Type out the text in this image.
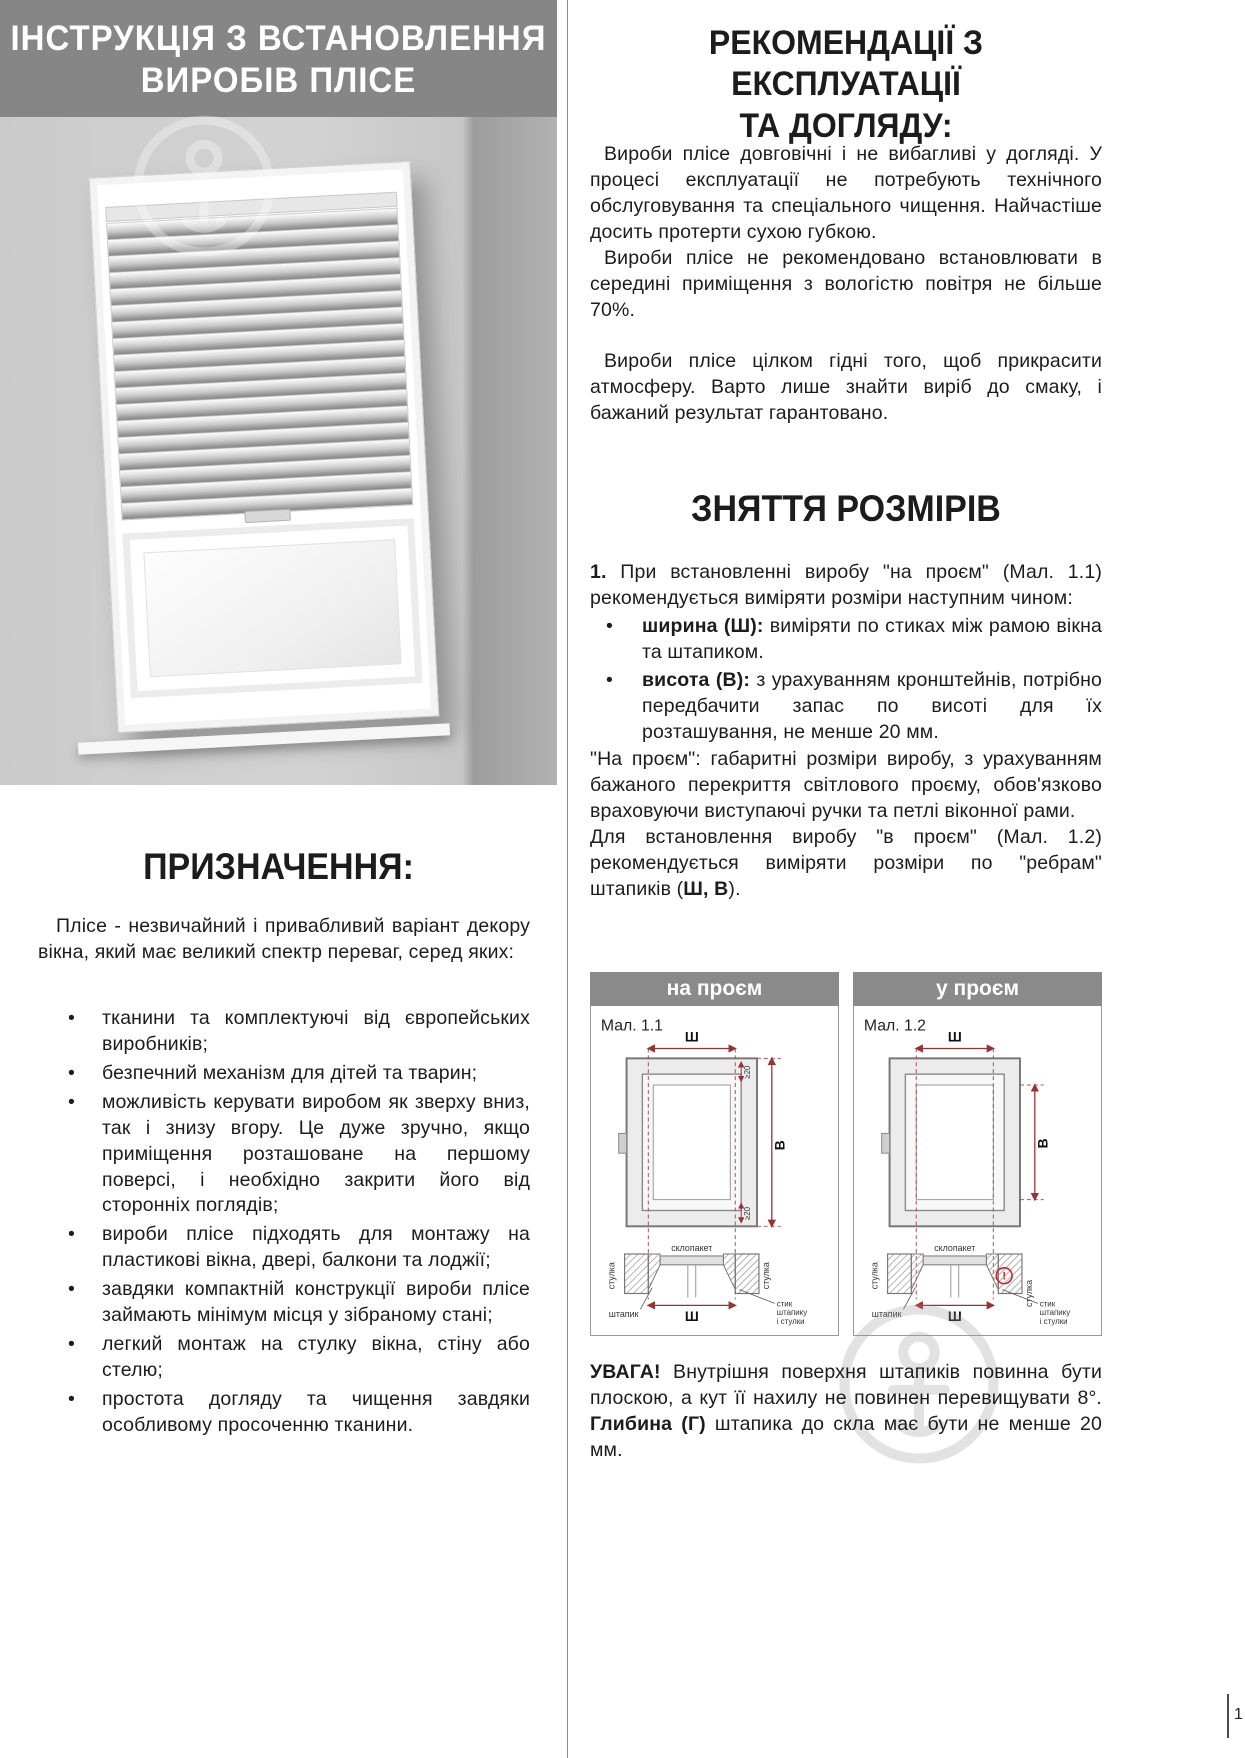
ІНСТРУКЦІЯ З ВСТАНОВЛЕННЯ
ВИРОБІВ ПЛІСЕ
ПРИЗНАЧЕННЯ:

Плісе - незвичайний і привабливий варіант декору вікна, який має великий спектр переваг, серед яких:

• тканини та комплектуючі від європейських виробників;
• безпечний механізм для дітей та тварин;
• можливість керувати виробом як зверху вниз, так і знизу вгору. Це дуже зручно, якщо приміщення розташоване на першому поверсі, і необхідно закрити його від сторонніх поглядів;
• вироби плісе підходять для монтажу на пластикові вікна, двері, балкони та лоджії;
• завдяки компактній конструкції вироби плісе займають мінімум місця у зібраному стані;
• легкий монтаж на стулку вікна, стіну або стелю;
• простота догляду та чищення завдяки особливому просоченню тканини.
РЕКОМЕНДАЦІЇ З ЕКСПЛУАТАЦІЇ
ТА ДОГЛЯДУ:

Вироби плісе довговічні і не вибагливі у догляді. У процесі експлуатації не потребують технічного обслуговування та спеціального чищення. Найчастіше досить протерти сухою губкою.

Вироби плісе не рекомендовано встановлювати в середині приміщення з вологістю повітря не більше 70%.

Вироби плісе цілком гідні того, щоб прикрасити атмосферу. Варто лише знайти виріб до смаку, і бажаний результат гарантовано.

ЗНЯТТЯ РОЗМІРІВ

1. При встановленні виробу "на проєм" (Мал. 1.1) рекомендується виміряти розміри наступним чином:

• ширина (Ш): виміряти по стиках між рамою вікна та штапиком.
• висота (В): з урахуванням кронштейнів, потрібно передбачити запас по висоті для їх розташування, не менше 20 мм.

"На проєм": габаритні розміри виробу, з урахуванням бажаного перекриття світлового проєму, обов'язково враховуючи виступаючі ручки та петлі віконної рами.

Для встановлення виробу "в проєм" (Мал. 1.2) рекомендується виміряти розміри по "ребрам" штапиків (Ш, В).

на проєм
Мал. 1.1
Ш
В
≥20
≥20
стулка	стулка
склопакет
Ш
штапик
стик
штапику
і стулки
у проєм
Мал. 1.2
Ш
В
!
стулка
стулка
склопакет
Ш
штапик
стик
штапику
і стулки

УВАГА! Внутрішня поверхня штапиків повинна бути плоскою, а кут її нахилу не повинен перевищувати 8°. Глибина (Г) штапика до скла має бути не менше 20 мм.

1
